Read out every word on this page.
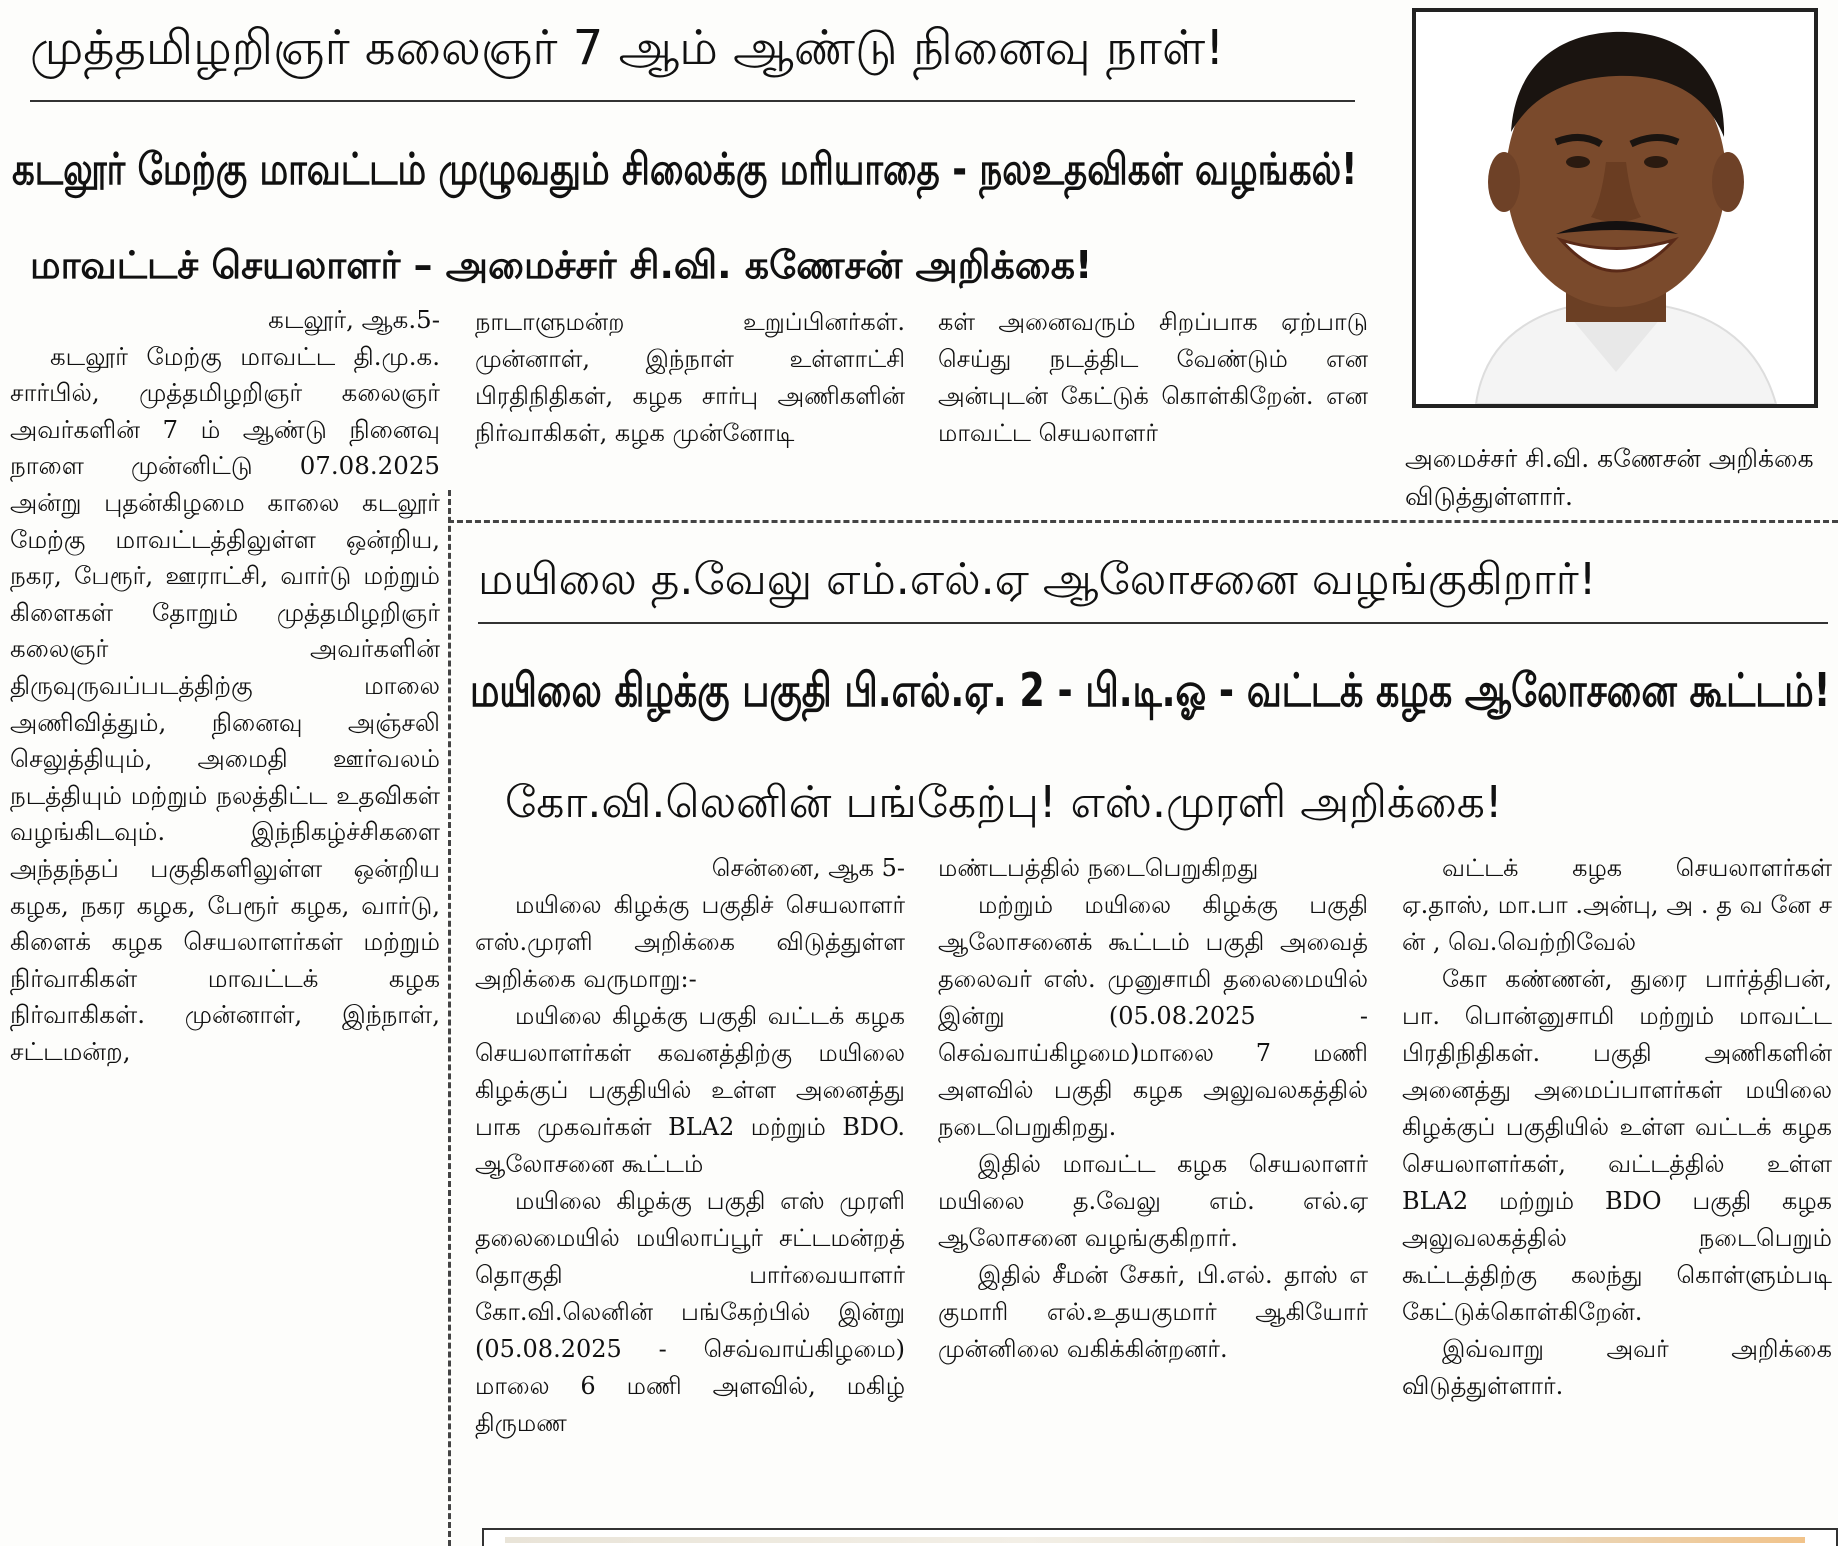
முத்தமிழறிஞர் கலைஞர் 7 ஆம் ஆண்டு நினைவு நாள்!
கடலூர் மேற்கு மாவட்டம் முழுவதும் சிலைக்கு மரியாதை - நலஉதவிகள் வழங்கல்!
மாவட்டச் செயலாளர் – அமைச்சர் சி.வி. கணேசன் அறிக்கை!
அமைச்சர் சி.வி. கணேசன் அறிக்கை விடுத்துள்ளார்.

கடலூர், ஆக.5-

கடலூர் மேற்கு மாவட்ட தி.மு.க. சார்பில், முத்தமிழறிஞர் கலைஞர் அவர்களின் 7 ம் ஆண்டு நினைவு நாளை முன்னிட்டு 07.08.2025 அன்று புதன்கிழமை காலை கடலூர் மேற்கு மாவட்டத்திலுள்ள ஒன்றிய, நகர, பேரூர், ஊராட்சி, வார்டு மற்றும் கிளைகள் தோறும் முத்தமிழறிஞர் கலைஞர் அவர்களின் திருவுருவப்படத்திற்கு மாலை அணிவித்தும், நினைவு அஞ்சலி செலுத்தியும், அமைதி ஊர்வலம் நடத்தியும் மற்றும் நலத்திட்ட உதவிகள் வழங்கிடவும். இந்நிகழ்ச்சிகளை அந்தந்தப் பகுதிகளிலுள்ள ஒன்றிய கழக, நகர கழக, பேரூர் கழக, வார்டு, கிளைக் கழக செயலாளர்கள் மற்றும் நிர்வாகிகள் மாவட்டக் கழக நிர்வாகிகள். முன்னாள், இந்நாள், சட்டமன்ற,

நாடாளுமன்ற உறுப்பினர்கள். முன்னாள், இந்நாள் உள்ளாட்சி பிரதிநிதிகள், கழக சார்பு அணிகளின் நிர்வாகிகள், கழக முன்னோடி

கள் அனைவரும் சிறப்பாக ஏற்பாடு செய்து நடத்திட வேண்டும் என அன்புடன் கேட்டுக் கொள்கிறேன். என மாவட்ட செயலாளர்

மயிலை த.வேலு எம்.எல்.ஏ ஆலோசனை வழங்குகிறார்!
மயிலை கிழக்கு பகுதி பி.எல்.ஏ. 2 - பி.டி.ஓ - வட்டக் கழக ஆலோசனை கூட்டம்!
கோ.வி.லெனின் பங்கேற்பு! எஸ்.முரளி அறிக்கை!

சென்னை, ஆக 5-

மயிலை கிழக்கு பகுதிச் செயலாளர் எஸ்.முரளி அறிக்கை விடுத்துள்ள அறிக்கை வருமாறு:-

மயிலை கிழக்கு பகுதி வட்டக் கழக செயலாளர்கள் கவனத்திற்கு மயிலை கிழக்குப் பகுதியில் உள்ள அனைத்து பாக முகவர்கள் BLA2 மற்றும் BDO. ஆலோசனை கூட்டம்

மயிலை கிழக்கு பகுதி எஸ் முரளி தலைமையில் மயிலாப்பூர் சட்டமன்றத் தொகுதி பார்வையாளர் கோ.வி.லெனின் பங்கேற்பில் இன்று (05.08.2025 - செவ்வாய்கிழமை) மாலை 6 மணி அளவில், மகிழ் திருமண

மண்டபத்தில் நடைபெறுகிறது

மற்றும் மயிலை கிழக்கு பகுதி ஆலோசனைக் கூட்டம் பகுதி அவைத் தலைவர் எஸ். முனுசாமி தலைமையில் இன்று (05.08.2025 - செவ்வாய்கிழமை)மாலை 7 மணி அளவில் பகுதி கழக அலுவலகத்தில் நடைபெறுகிறது.

இதில் மாவட்ட கழக செயலாளர் மயிலை த.வேலு எம். எல்.ஏ ஆலோசனை வழங்குகிறார்.

இதில் சீமன் சேகர், பி.எல். தாஸ் எ குமாரி எல்.உதயகுமார் ஆகியோர் முன்னிலை வகிக்கின்றனர்.

வட்டக் கழக செயலாளர்கள் ஏ.தாஸ், மா.பா .அன்பு, அ . த வ னே ச ன் , வெ.வெற்றிவேல்

கோ கண்ணன், துரை பார்த்திபன், பா. பொன்னுசாமி மற்றும் மாவட்ட பிரதிநிதிகள். பகுதி அணிகளின் அனைத்து அமைப்பாளர்கள் மயிலை கிழக்குப் பகுதியில் உள்ள வட்டக் கழக செயலாளர்கள், வட்டத்தில் உள்ள BLA2 மற்றும் BDO பகுதி கழக அலுவலகத்தில் நடைபெறும் கூட்டத்திற்கு கலந்து கொள்ளும்படி கேட்டுக்கொள்கிறேன்.

இவ்வாறு அவர் அறிக்கை விடுத்துள்ளார்.
